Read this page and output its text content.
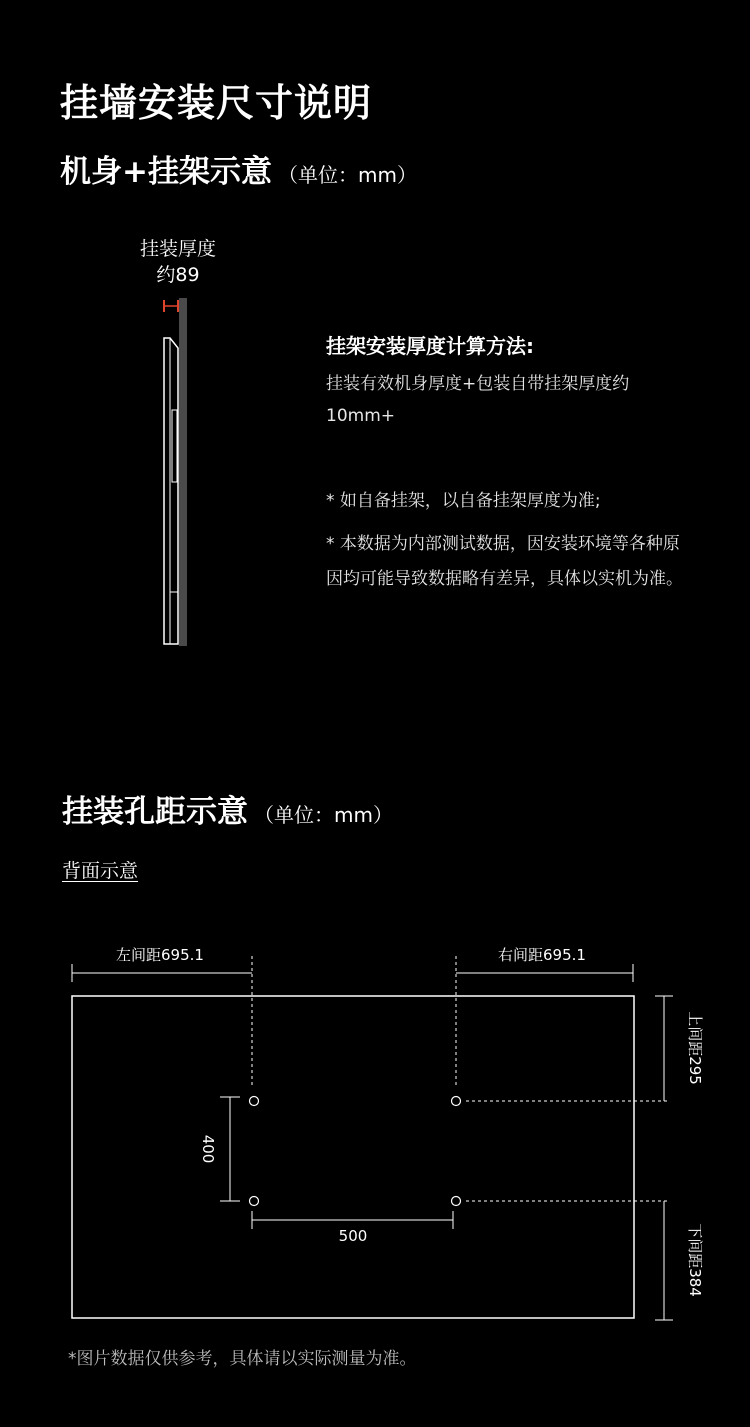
挂墙安装尺寸说明
机身+挂架示意 （单位：mm）
挂装厚度
约89
挂架安装厚度计算方法:
挂装有效机身厚度+包装自带挂架厚度约10mm+
* 如自备挂架，以自备挂架厚度为准;
* 本数据为内部测试数据，因安装环境等各种原因均可能导致数据略有差异，具体以实机为准。
挂装孔距示意 （单位：mm）
背面示意
左间距695.1	右间距695.1
上间距295
下间距384
400
500
*图片数据仅供参考，具体请以实际测量为准。
